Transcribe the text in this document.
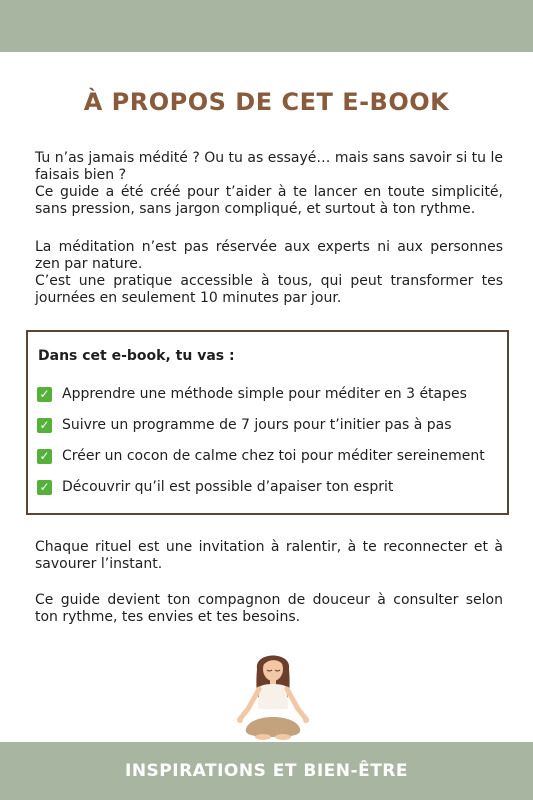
À PROPOS DE CET E-BOOK

Tu n’as jamais médité ? Ou tu as essayé… mais sans savoir si tu le faisais bien ?

Ce guide a été créé pour t’aider à te lancer en toute simplicité, sans pression, sans jargon compliqué, et surtout à ton rythme.

La méditation n’est pas réservée aux experts ni aux personnes zen par nature.

C’est une pratique accessible à tous, qui peut transformer tes journées en seulement 10 minutes par jour.

Dans cet e-book, tu vas :
✓ Apprendre une méthode simple pour méditer en 3 étapes
✓ Suivre un programme de 7 jours pour t’initier pas à pas
✓ Créer un cocon de calme chez toi pour méditer sereinement
✓ Découvrir qu’il est possible d’apaiser ton esprit

Chaque rituel est une invitation à ralentir, à te reconnecter et à savourer l’instant.

Ce guide devient ton compagnon de douceur à consulter selon ton rythme, tes envies et tes besoins.

INSPIRATIONS ET BIEN-ÊTRE
